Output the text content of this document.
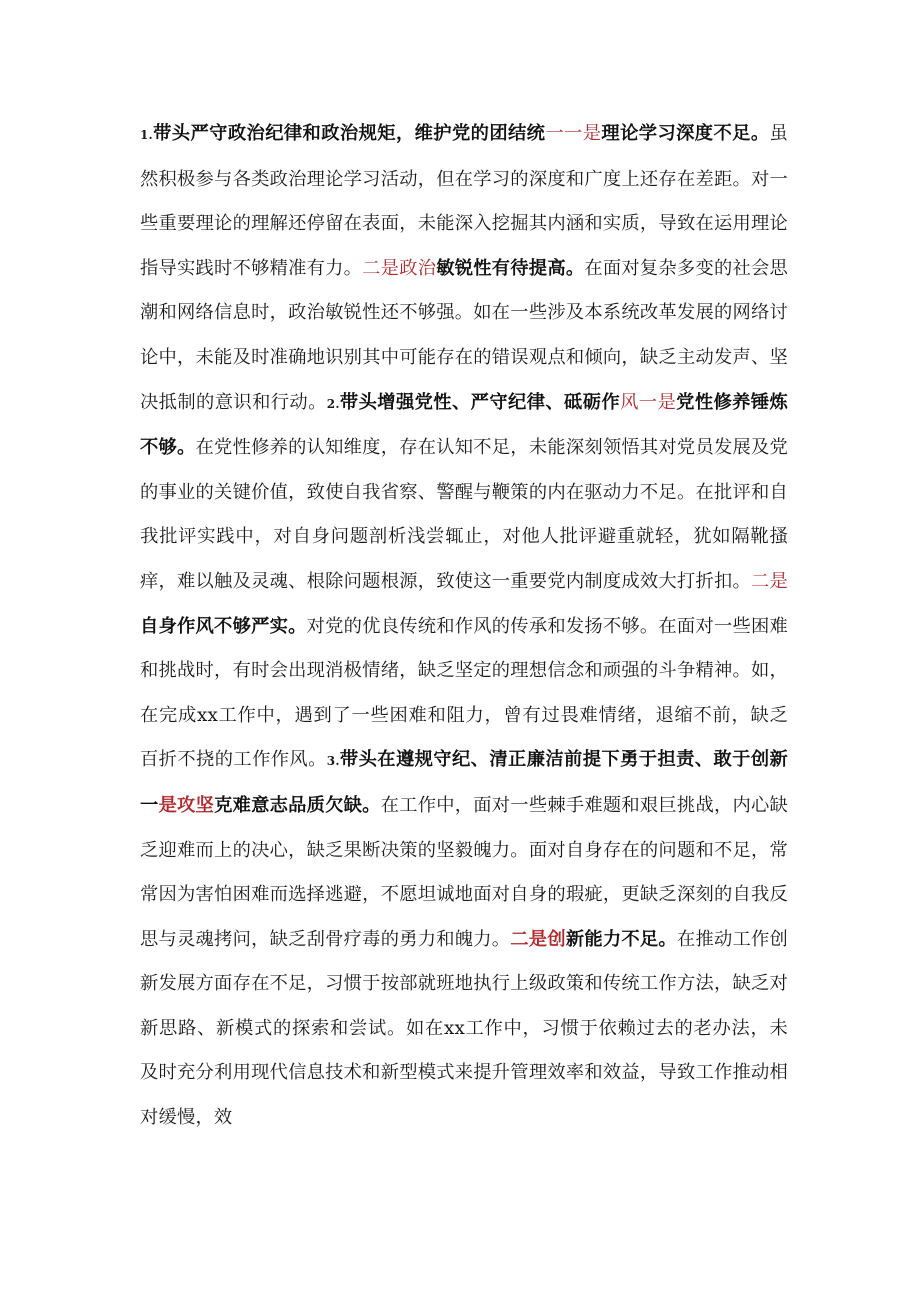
1.带头严守政治纪律和政治规矩，维护党的团结统一一是理论学习深度不足。虽然积极参与各类政治理论学习活动，但在学习的深度和广度上还存在差距。对一些重要理论的理解还停留在表面，未能深入挖掘其内涵和实质，导致在运用理论指导实践时不够精准有力。二是政治敏锐性有待提高。在面对复杂多变的社会思潮和网络信息时，政治敏锐性还不够强。如在一些涉及本系统改革发展的网络讨论中，未能及时准确地识别其中可能存在的错误观点和倾向，缺乏主动发声、坚决抵制的意识和行动。2.带头增强党性、严守纪律、砥砺作风一是党性修养锤炼不够。在党性修养的认知维度，存在认知不足，未能深刻领悟其对党员发展及党的事业的关键价值，致使自我省察、警醒与鞭策的内在驱动力不足。在批评和自我批评实践中，对自身问题剖析浅尝辄止，对他人批评避重就轻，犹如隔靴搔痒，难以触及灵魂、根除问题根源，致使这一重要党内制度成效大打折扣。二是自身作风不够严实。对党的优良传统和作风的传承和发扬不够。在面对一些困难和挑战时，有时会出现消极情绪，缺乏坚定的理想信念和顽强的斗争精神。如，在完成xx工作中，遇到了一些困难和阻力，曾有过畏难情绪，退缩不前，缺乏百折不挠的工作作风。3.带头在遵规守纪、清正廉洁前提下勇于担责、敢于创新一是攻坚克难意志品质欠缺。在工作中，面对一些棘手难题和艰巨挑战，内心缺乏迎难而上的决心，缺乏果断决策的坚毅魄力。面对自身存在的问题和不足，常常因为害怕困难而选择逃避，不愿坦诚地面对自身的瑕疵，更缺乏深刻的自我反思与灵魂拷问，缺乏刮骨疗毒的勇力和魄力。二是创新能力不足。在推动工作创新发展方面存在不足，习惯于按部就班地执行上级政策和传统工作方法，缺乏对新思路、新模式的探索和尝试。如在xx工作中，习惯于依赖过去的老办法，未及时充分利用现代信息技术和新型模式来提升管理效率和效益，导致工作推动相对缓慢，效
